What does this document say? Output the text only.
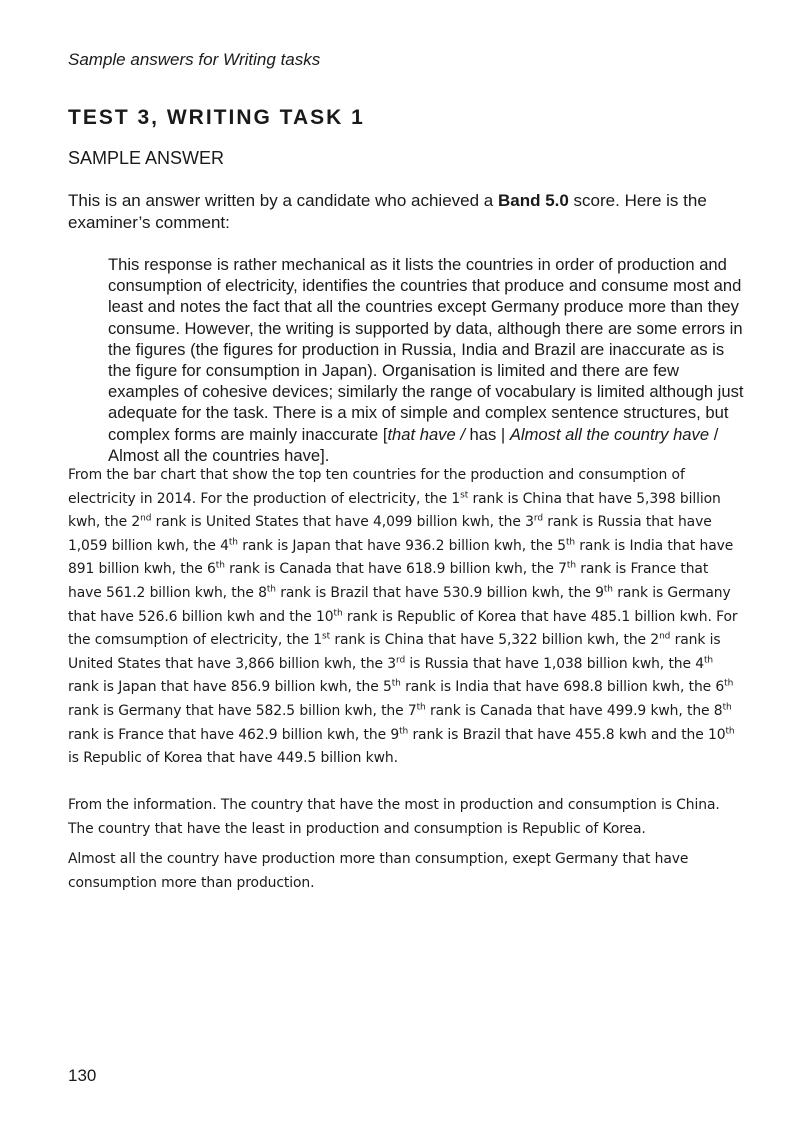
Sample answers for Writing tasks
TEST 3, WRITING TASK 1
SAMPLE ANSWER
This is an answer written by a candidate who achieved a Band 5.0 score. Here is the examiner’s comment:
This response is rather mechanical as it lists the countries in order of production and consumption of electricity, identifies the countries that produce and consume most and least and notes the fact that all the countries except Germany produce more than they consume. However, the writing is supported by data, although there are some errors in the figures (the figures for production in Russia, India and Brazil are inaccurate as is the figure for consumption in Japan). Organisation is limited and there are few examples of cohesive devices; similarly the range of vocabulary is limited although just adequate for the task. There is a mix of simple and complex sentence structures, but complex forms are mainly inaccurate [that have / has | Almost all the country have / Almost all the countries have].
From the bar chart that show the top ten countries for the production and consumption of electricity in 2014. For the production of electricity, the 1st rank is China that have 5,398 billion kwh, the 2nd rank is United States that have 4,099 billion kwh, the 3rd rank is Russia that have 1,059 billion kwh, the 4th rank is Japan that have 936.2 billion kwh, the 5th rank is India that have 891 billion kwh, the 6th rank is Canada that have 618.9 billion kwh, the 7th rank is France that have 561.2 billion kwh, the 8th rank is Brazil that have 530.9 billion kwh, the 9th rank is Germany that have 526.6 billion kwh and the 10th rank is Republic of Korea that have 485.1 billion kwh. For the comsumption of electricity, the 1st rank is China that have 5,322 billion kwh, the 2nd rank is United States that have 3,866 billion kwh, the 3rd is Russia that have 1,038 billion kwh, the 4th rank is Japan that have 856.9 billion kwh, the 5th rank is India that have 698.8 billion kwh, the 6th rank is Germany that have 582.5 billion kwh, the 7th rank is Canada that have 499.9 kwh, the 8th rank is France that have 462.9 billion kwh, the 9th rank is Brazil that have 455.8 kwh and the 10th is Republic of Korea that have 449.5 billion kwh.
From the information. The country that have the most in production and consumption is China. The country that have the least in production and consumption is Republic of Korea.
Almost all the country have production more than consumption, exept Germany that have consumption more than production.
130
